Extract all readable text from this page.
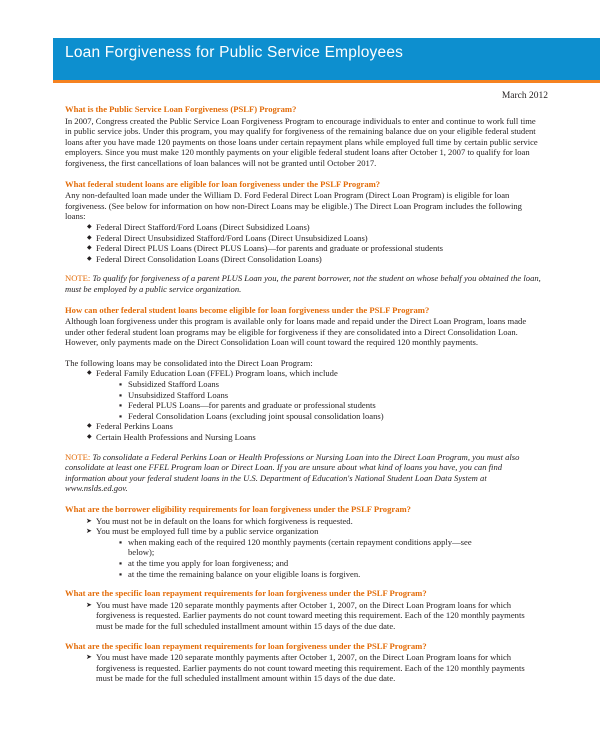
Loan Forgiveness for Public Service Employees
March 2012
What is the Public Service Loan Forgiveness (PSLF) Program?
In 2007, Congress created the Public Service Loan Forgiveness Program to encourage individuals to enter and continue to work full time in public service jobs. Under this program, you may qualify for forgiveness of the remaining balance due on your eligible federal student loans after you have made 120 payments on those loans under certain repayment plans while employed full time by certain public service employers. Since you must make 120 monthly payments on your eligible federal student loans after October 1, 2007 to qualify for loan forgiveness, the first cancellations of loan balances will not be granted until October 2017.
What federal student loans are eligible for loan forgiveness under the PSLF Program?
Any non-defaulted loan made under the William D. Ford Federal Direct Loan Program (Direct Loan Program) is eligible for loan forgiveness. (See below for information on how non-Direct Loans may be eligible.) The Direct Loan Program includes the following loans:
◆ Federal Direct Stafford/Ford Loans (Direct Subsidized Loans)
◆ Federal Direct Unsubsidized Stafford/Ford Loans (Direct Unsubsidized Loans)
◆ Federal Direct PLUS Loans (Direct PLUS Loans)—for parents and graduate or professional students
◆ Federal Direct Consolidation Loans (Direct Consolidation Loans)
NOTE: To qualify for forgiveness of a parent PLUS Loan you, the parent borrower, not the student on whose behalf you obtained the loan, must be employed by a public service organization.
How can other federal student loans become eligible for loan forgiveness under the PSLF Program?
Although loan forgiveness under this program is available only for loans made and repaid under the Direct Loan Program, loans made under other federal student loan programs may be eligible for forgiveness if they are consolidated into a Direct Consolidation Loan. However, only payments made on the Direct Consolidation Loan will count toward the required 120 monthly payments.
The following loans may be consolidated into the Direct Loan Program:
◆ Federal Family Education Loan (FFEL) Program loans, which include
▪ Subsidized Stafford Loans
▪ Unsubsidized Stafford Loans
▪ Federal PLUS Loans—for parents and graduate or professional students
▪ Federal Consolidation Loans (excluding joint spousal consolidation loans)
◆ Federal Perkins Loans
◆ Certain Health Professions and Nursing Loans
NOTE: To consolidate a Federal Perkins Loan or Health Professions or Nursing Loan into the Direct Loan Program, you must also consolidate at least one FFEL Program loan or Direct Loan. If you are unsure about what kind of loans you have, you can find information about your federal student loans in the U.S. Department of Education's National Student Loan Data System at www.nslds.ed.gov.
What are the borrower eligibility requirements for loan forgiveness under the PSLF Program?
➤ You must not be in default on the loans for which forgiveness is requested.
➤ You must be employed full time by a public service organization
▪ when making each of the required 120 monthly payments (certain repayment conditions apply—see
below);
▪ at the time you apply for loan forgiveness; and
▪ at the time the remaining balance on your eligible loans is forgiven.
What are the specific loan repayment requirements for loan forgiveness under the PSLF Program?
➤ You must have made 120 separate monthly payments after October 1, 2007, on the Direct Loan Program loans for which forgiveness is requested. Earlier payments do not count toward meeting this requirement. Each of the 120 monthly payments must be made for the full scheduled installment amount within 15 days of the due date.
What are the specific loan repayment requirements for loan forgiveness under the PSLF Program?
➤ You must have made 120 separate monthly payments after October 1, 2007, on the Direct Loan Program loans for which forgiveness is requested. Earlier payments do not count toward meeting this requirement. Each of the 120 monthly payments must be made for the full scheduled installment amount within 15 days of the due date.
